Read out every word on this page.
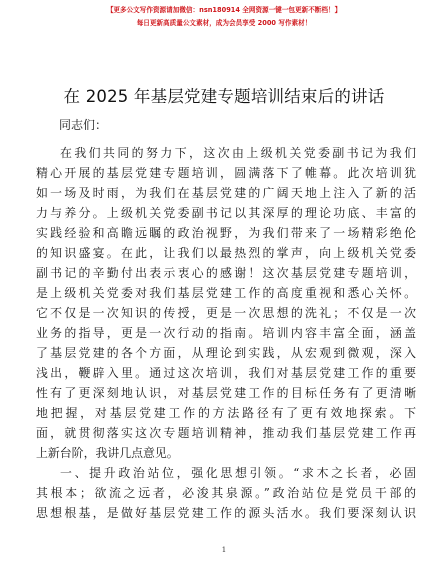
【更多公文写作资源请加微信：nsn180914 全网资源一键一包更新不断档！】
每日更新高质量公文素材，成为会员享受 2000 写作素材！
在 2025 年基层党建专题培训结束后的讲话
同志们：
在我们共同的努力下，这次由上级机关党委副书记为我们
精心开展的基层党建专题培训，圆满落下了帷幕。此次培训犹
如一场及时雨，为我们在基层党建的广阔天地上注入了新的活
力与养分。上级机关党委副书记以其深厚的理论功底、丰富的
实践经验和高瞻远瞩的政治视野，为我们带来了一场精彩绝伦
的知识盛宴。在此，让我们以最热烈的掌声，向上级机关党委
副书记的辛勤付出表示衷心的感谢！这次基层党建专题培训，
是上级机关党委对我们基层党建工作的高度重视和悉心关怀。
它不仅是一次知识的传授，更是一次思想的洗礼；不仅是一次
业务的指导，更是一次行动的指南。培训内容丰富全面，涵盖
了基层党建的各个方面，从理论到实践，从宏观到微观，深入
浅出，鞭辟入里。通过这次培训，我们对基层党建工作的重要
性有了更深刻地认识，对基层党建工作的目标任务有了更清晰
地把握，对基层党建工作的方法路径有了更有效地探索。下
面，就贯彻落实这次专题培训精神，推动我们基层党建工作再
上新台阶，我讲几点意见。
一、提升政治站位，强化思想引领。“求木之长者，必固
其根本；欲流之远者，必浚其泉源。”政治站位是党员干部的
思想根基，是做好基层党建工作的源头活水。我们要深刻认识
1
